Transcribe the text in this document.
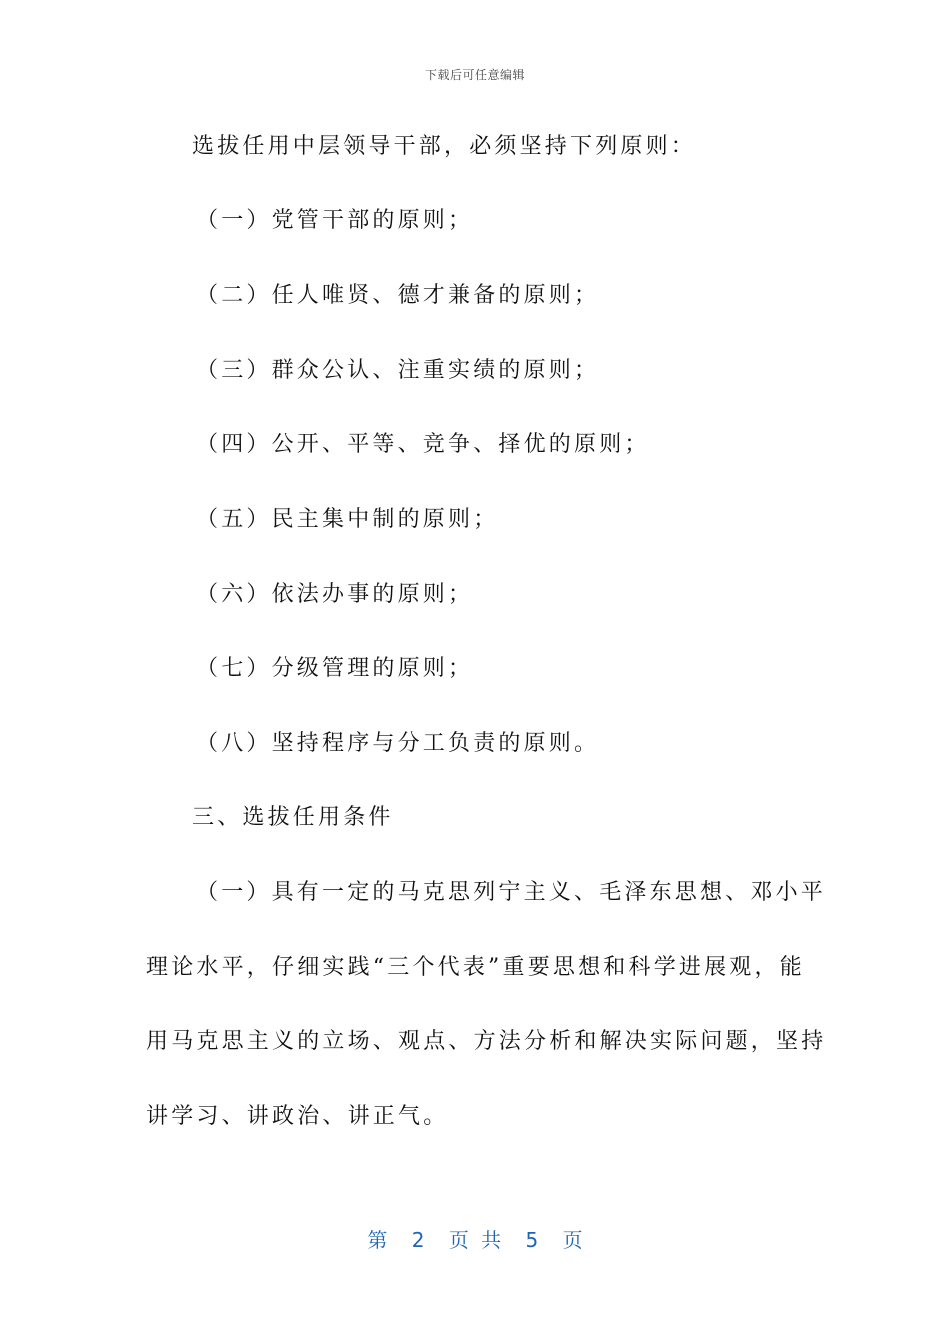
下载后可任意编辑
选拔任用中层领导干部，必须坚持下列原则：
（一）党管干部的原则；
（二）任人唯贤、德才兼备的原则；
（三）群众公认、注重实绩的原则；
（四）公开、平等、竞争、择优的原则；
（五）民主集中制的原则；
（六）依法办事的原则；
（七）分级管理的原则；
（八）坚持程序与分工负责的原则。
三、选拔任用条件
（一）具有一定的马克思列宁主义、毛泽东思想、邓小平
理论水平，仔细实践“三个代表”重要思想和科学进展观，能
用马克思主义的立场、观点、方法分析和解决实际问题，坚持
讲学习、讲政治、讲正气。
第 2 页 共 5 页
